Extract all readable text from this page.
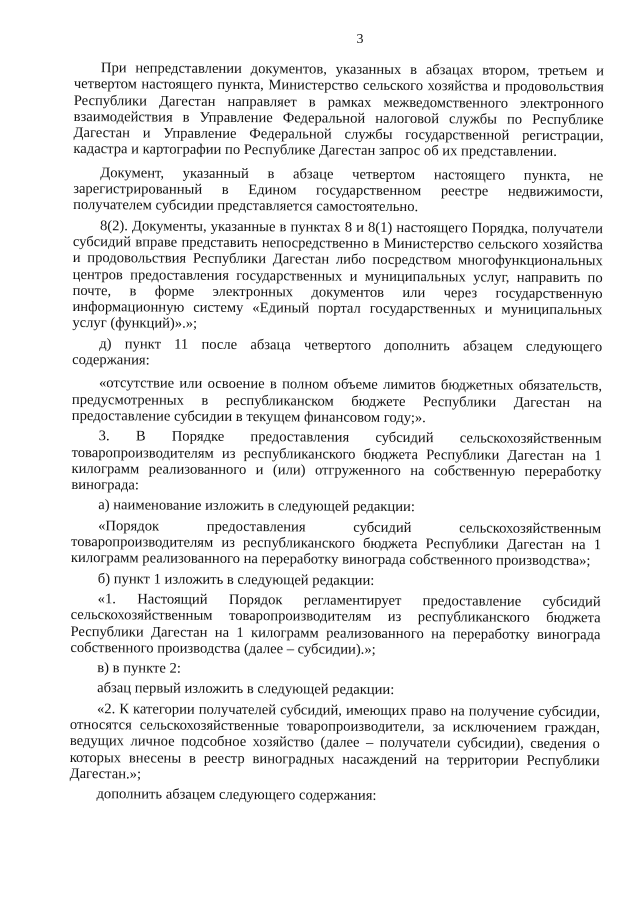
3

При непредставлении документов, указанных в абзацах втором, третьем и четвертом настоящего пункта, Министерство сельского хозяйства и продовольствия Республики Дагестан направляет в рамках межведомственного электронного взаимодействия в Управление Федеральной налоговой службы по Республике Дагестан и Управление Федеральной службы государственной регистрации, кадастра и картографии по Республике Дагестан запрос об их представлении.

Документ, указанный в абзаце четвертом настоящего пункта, не зарегистрированный в Едином государственном реестре недвижимости, получателем субсидии представляется самостоятельно.

8(2). Документы, указанные в пунктах 8 и 8(1) настоящего Порядка, получатели субсидий вправе представить непосредственно в Министерство сельского хозяйства и продовольствия Республики Дагестан либо посредством многофункциональных центров предоставления государственных и муниципальных услуг, направить по почте, в форме электронных документов или через государственную информационную систему «Единый портал государственных и муниципальных услуг (функций)».»;

д) пункт 11 после абзаца четвертого дополнить абзацем следующего содержания:

«отсутствие или освоение в полном объеме лимитов бюджетных обязательств, предусмотренных в республиканском бюджете Республики Дагестан на предоставление субсидии в текущем финансовом году;».

3. В Порядке предоставления субсидий сельскохозяйственным товаропроизводителям из республиканского бюджета Республики Дагестан на 1 килограмм реализованного и (или) отгруженного на собственную переработку винограда:

а) наименование изложить в следующей редакции:

«Порядок предоставления субсидий сельскохозяйственным товаропроизводителям из республиканского бюджета Республики Дагестан на 1 килограмм реализованного на переработку винограда собственного производства»;

б) пункт 1 изложить в следующей редакции:

«1. Настоящий Порядок регламентирует предоставление субсидий сельскохозяйственным товаропроизводителям из республиканского бюджета Республики Дагестан на 1 килограмм реализованного на переработку винограда собственного производства (далее – субсидии).»;

в) в пункте 2:

абзац первый изложить в следующей редакции:

«2. К категории получателей субсидий, имеющих право на получение субсидии, относятся сельскохозяйственные товаропроизводители, за исключением граждан, ведущих личное подсобное хозяйство (далее – получатели субсидии), сведения о которых внесены в реестр виноградных насаждений на территории Республики Дагестан.»;

дополнить абзацем следующего содержания:
